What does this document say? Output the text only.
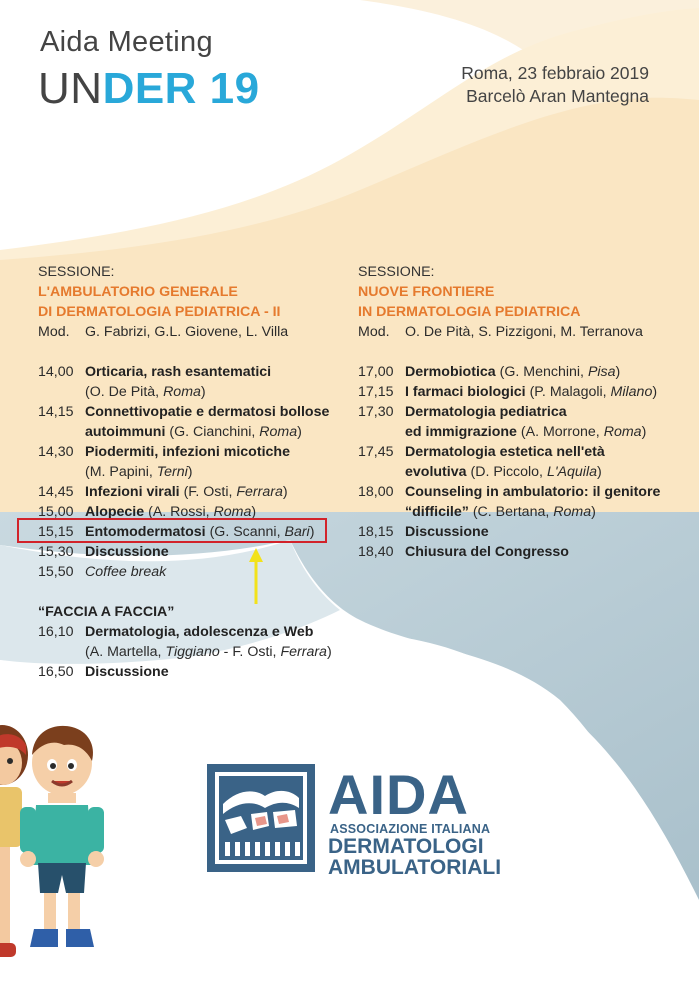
Aida Meeting
UNDER 19	Roma, 23 febbraio 2019
Barcelò Aran Mantegna
SESSIONE:
L'AMBULATORIO GENERALE
DI DERMATOLOGIA PEDIATRICA - II
Mod.	G. Fabrizi, G.L. Giovene, L. Villa
14,00 Orticaria, rash esantematici
(O. De Pità, Roma)
14,15 Connettivopatie e dermatosi bollose
autoimmuni (G. Cianchini, Roma)
14,30 Piodermiti, infezioni micotiche
(M. Papini, Terni)
14,45 Infezioni virali (F. Osti, Ferrara)
15,00 Alopecie (A. Rossi, Roma)
15,15 Entomodermatosi (G. Scanni, Bari)
15,30 Discussione
15,50 Coffee break
“FACCIA A FACCIA”
16,10 Dermatologia, adolescenza e Web
(A. Martella, Tiggiano - F. Osti, Ferrara)
16,50 Discussione
SESSIONE:
NUOVE FRONTIERE
IN DERMATOLOGIA PEDIATRICA
Mod.	O. De Pità, S. Pizzigoni, M. Terranova
17,00 Dermobiotica (G. Menchini, Pisa)
17,15 I farmaci biologici (P. Malagoli, Milano)
17,30 Dermatologia pediatrica
ed immigrazione (A. Morrone, Roma)
17,45 Dermatologia estetica nell'età
evolutiva (D. Piccolo, L'Aquila)
18,00 Counseling in ambulatorio: il genitore
“difficile” (C. Bertana, Roma)
18,15 Discussione
18,40 Chiusura del Congresso
AIDA
ASSOCIAZIONE ITALIANA
DERMATOLOGI
AMBULATORIALI
